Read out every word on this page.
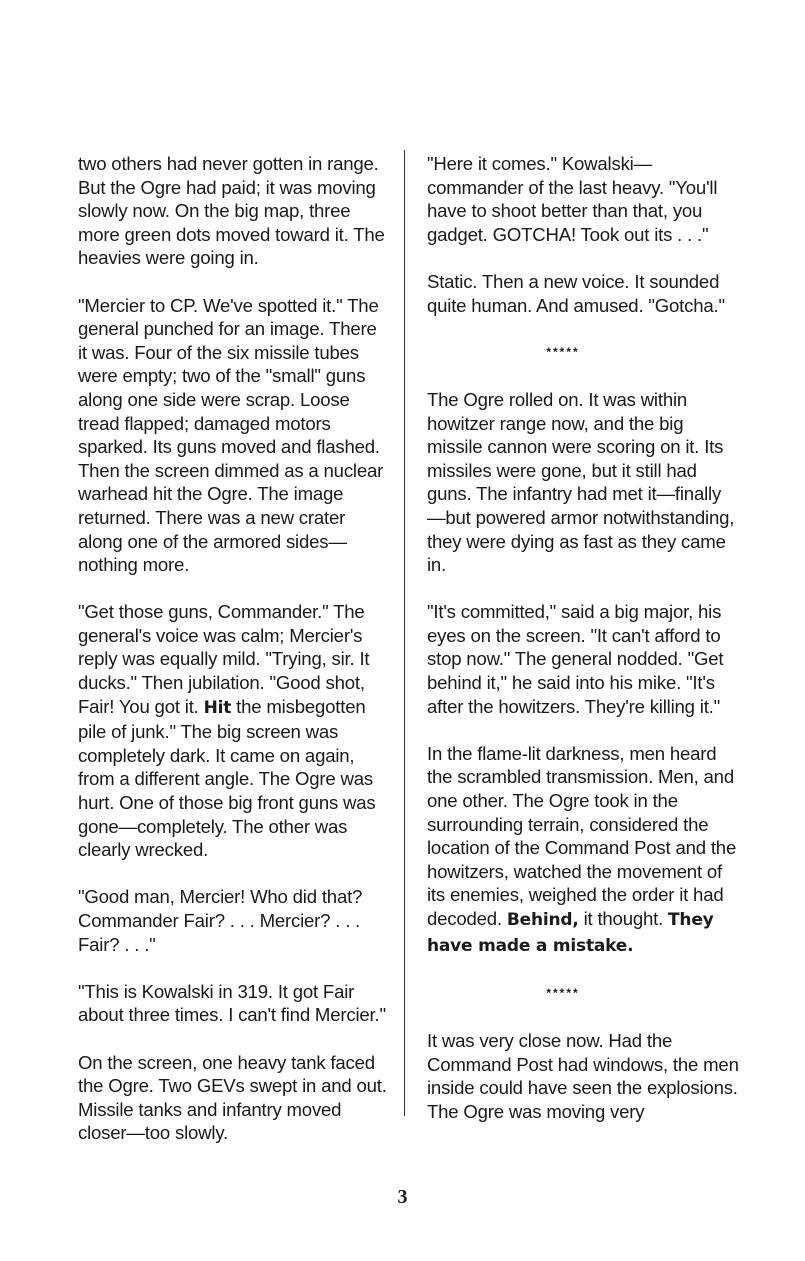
two others had never gotten in range. But the Ogre had paid; it was moving slowly now. On the big map, three more green dots moved toward it. The heavies were going in.

"Mercier to CP. We've spotted it." The general punched for an image. There it was. Four of the six missile tubes were empty; two of the "small" guns along one side were scrap. Loose tread flapped; damaged motors sparked. Its guns moved and flashed. Then the screen dimmed as a nuclear warhead hit the Ogre. The image returned. There was a new crater along one of the armored sides—nothing more.

"Get those guns, Commander." The general's voice was calm; Mercier's reply was equally mild. "Trying, sir. It ducks." Then jubilation. "Good shot, Fair! You got it. Hit the misbegotten pile of junk." The big screen was completely dark. It came on again, from a different angle. The Ogre was hurt. One of those big front guns was gone—completely. The other was clearly wrecked.

"Good man, Mercier! Who did that? Commander Fair? . . . Mercier? . . . Fair? . . ."

"This is Kowalski in 319. It got Fair about three times. I can't find Mercier."

On the screen, one heavy tank faced the Ogre. Two GEVs swept in and out. Missile tanks and infantry moved closer—too slowly.

"Here it comes." Kowalski—commander of the last heavy. "You'll have to shoot better than that, you gadget. GOTCHA! Took out its . . ."

Static. Then a new voice. It sounded quite human. And amused. "Gotcha."

*****

The Ogre rolled on. It was within howitzer range now, and the big missile cannon were scoring on it. Its missiles were gone, but it still had guns. The infantry had met it—finally—but powered armor notwithstanding, they were dying as fast as they came in.

"It's committed," said a big major, his eyes on the screen. "It can't afford to stop now." The general nodded. "Get behind it," he said into his mike. "It's after the howitzers. They're killing it."

In the flame-lit darkness, men heard the scrambled transmission. Men, and one other. The Ogre took in the surrounding terrain, considered the location of the Command Post and the howitzers, watched the movement of its enemies, weighed the order it had decoded. Behind, it thought. They have made a mistake.

*****

It was very close now. Had the Command Post had windows, the men inside could have seen the explosions. The Ogre was moving very

3
